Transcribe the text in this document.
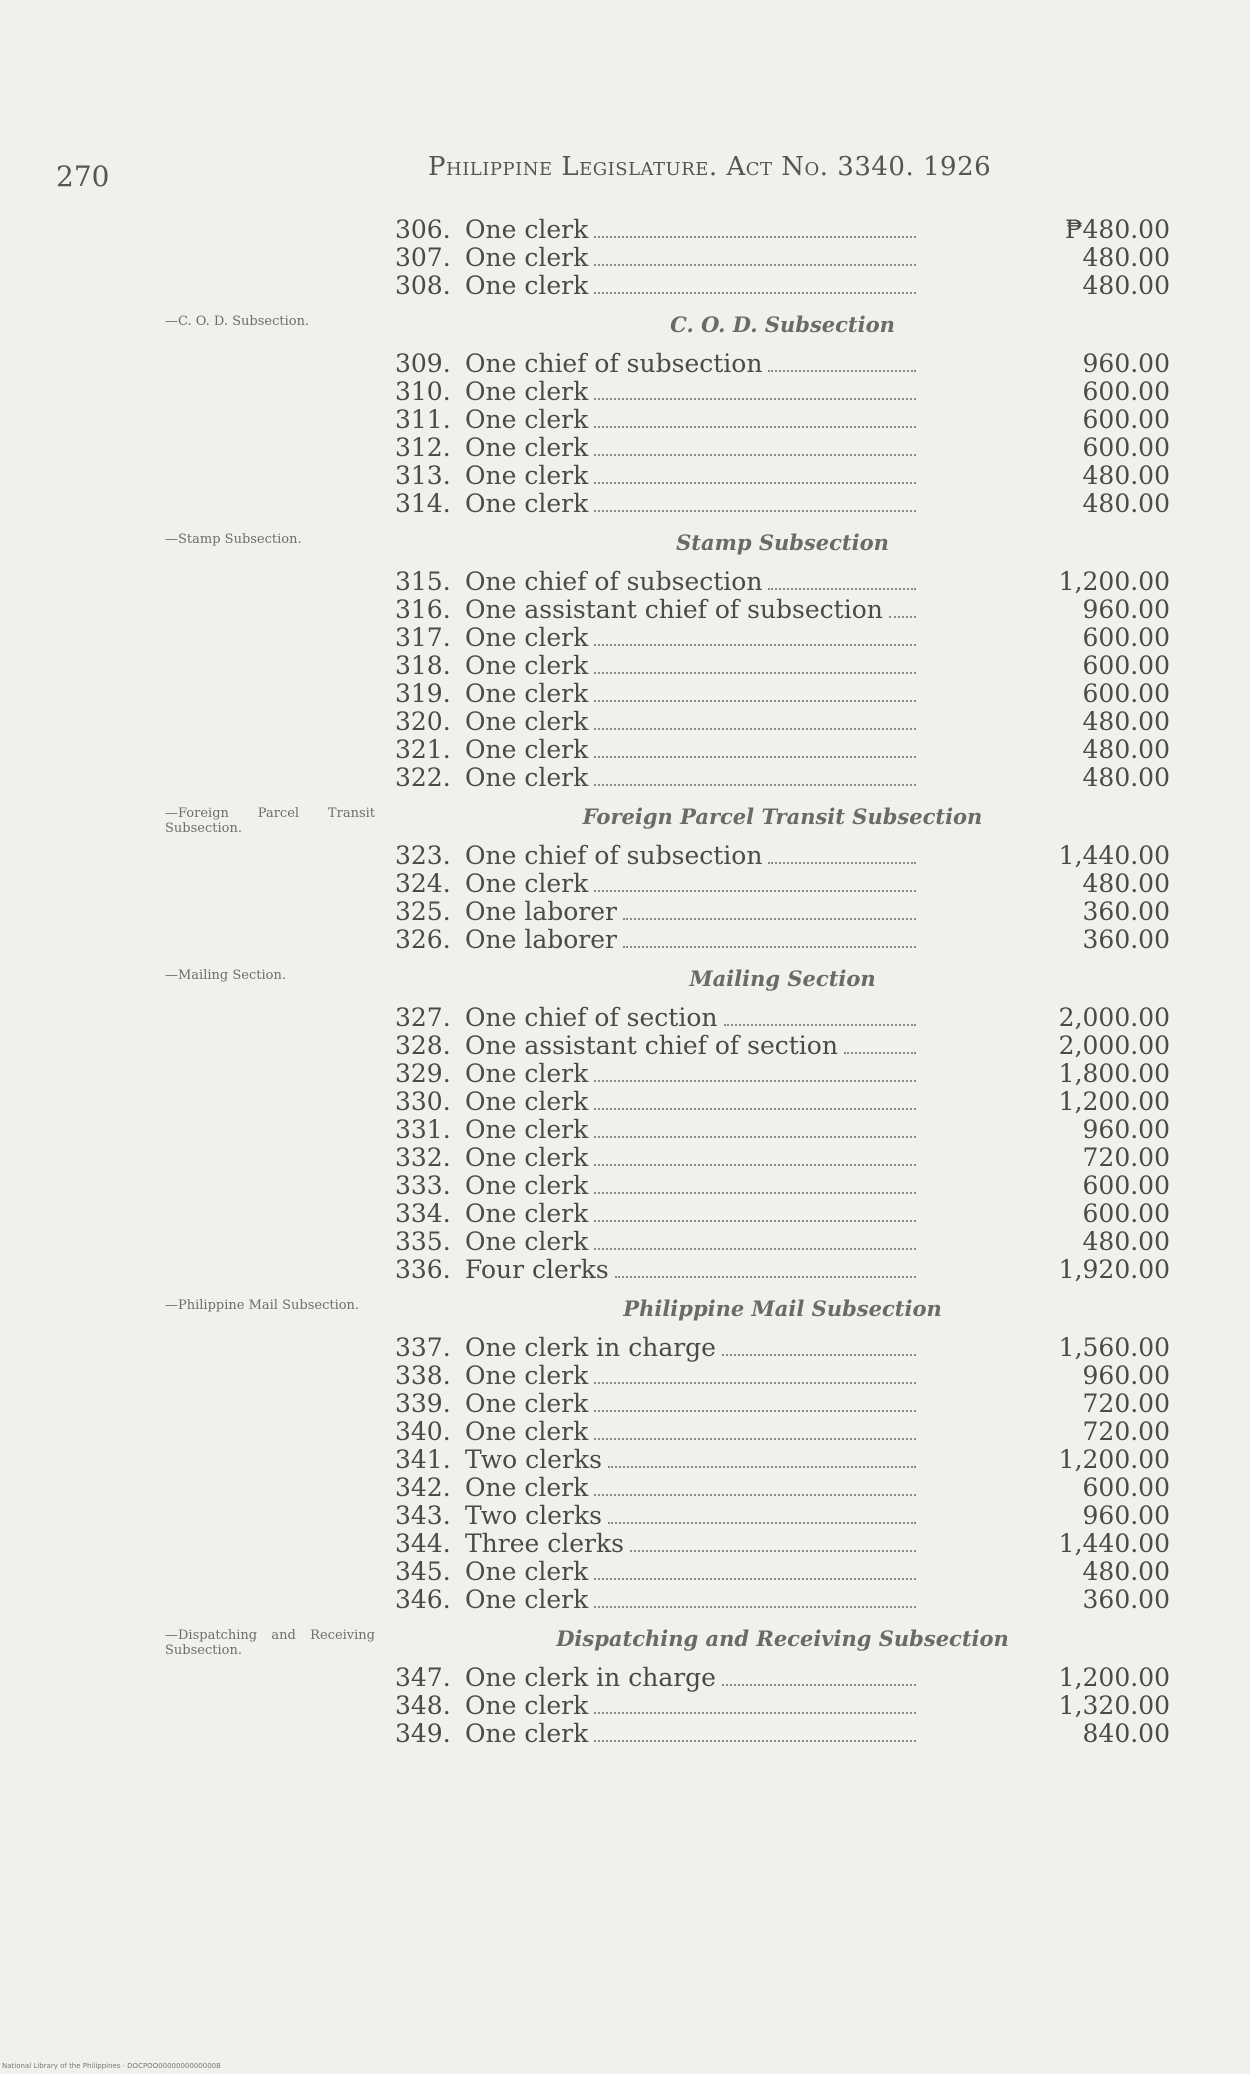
270	Philippine Legislature. Act No. 3340. 1926
306. One clerk	₱480.00
307. One clerk	480.00
308. One clerk	480.00
C. O. D. Subsection
309. One chief of subsection	960.00
310. One clerk	600.00
311. One clerk	600.00
312. One clerk	600.00
313. One clerk	480.00
314. One clerk	480.00
Stamp Subsection
315. One chief of subsection	1,200.00
316. One assistant chief of subsection	960.00
317. One clerk	600.00
318. One clerk	600.00
319. One clerk	600.00
320. One clerk	480.00
321. One clerk	480.00
322. One clerk	480.00
Foreign Parcel Transit Subsection
323. One chief of subsection	1,440.00
324. One clerk	480.00
325. One laborer	360.00
326. One laborer	360.00
Mailing Section
327. One chief of section	2,000.00
328. One assistant chief of section	2,000.00
329. One clerk	1,800.00
330. One clerk	1,200.00
331. One clerk	960.00
332. One clerk	720.00
333. One clerk	600.00
334. One clerk	600.00
335. One clerk	480.00
336. Four clerks	1,920.00
Philippine Mail Subsection
337. One clerk in charge	1,560.00
338. One clerk	960.00
339. One clerk	720.00
340. One clerk	720.00
341. Two clerks	1,200.00
342. One clerk	600.00
343. Two clerks	960.00
344. Three clerks	1,440.00
345. One clerk	480.00
346. One clerk	360.00
Dispatching and Receiving Subsection
347. One clerk in charge	1,200.00
348. One clerk	1,320.00
349. One clerk	840.00
—C. O. D. Subsection.
—Stamp Subsection.
—Foreign Parcel Transit Subsection.
—Mailing Section.
—Philippine Mail Subsection.
—Dispatching and Receiving Subsection.
National Library of the Philippines · DOCPOO0000000000000B
